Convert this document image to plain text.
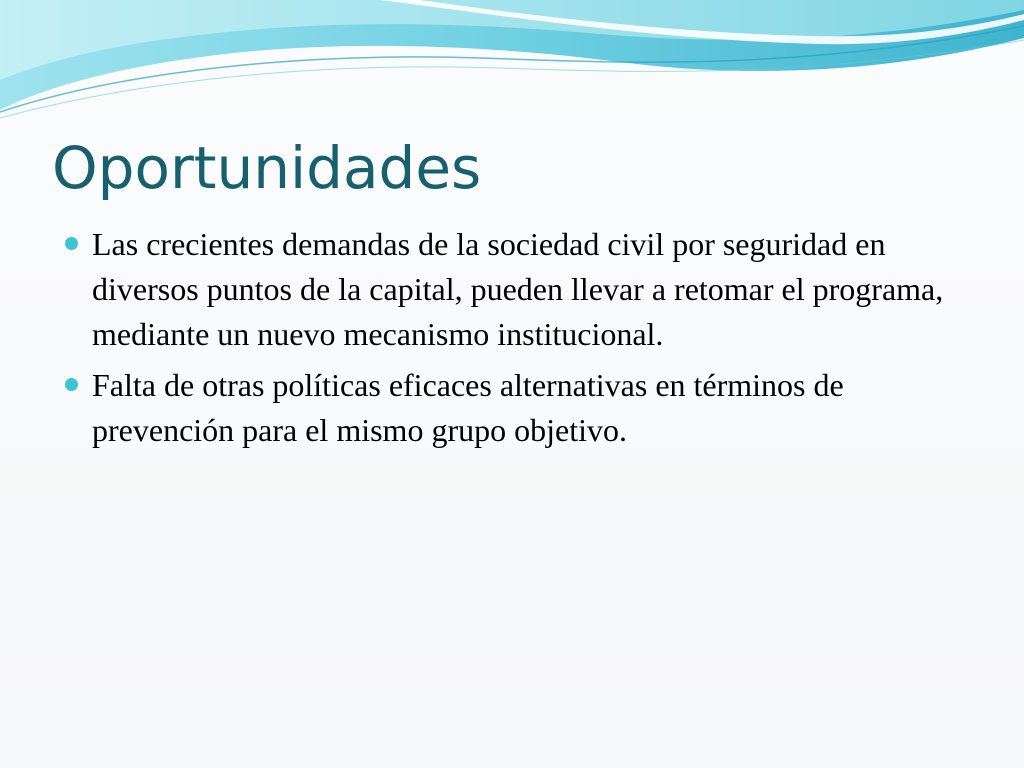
Oportunidades
Las crecientes demandas de la sociedad civil por seguridad en diversos puntos de la capital, pueden llevar a retomar el programa, mediante un nuevo mecanismo institucional.
Falta de otras políticas eficaces alternativas en términos de prevención para el mismo grupo objetivo.
